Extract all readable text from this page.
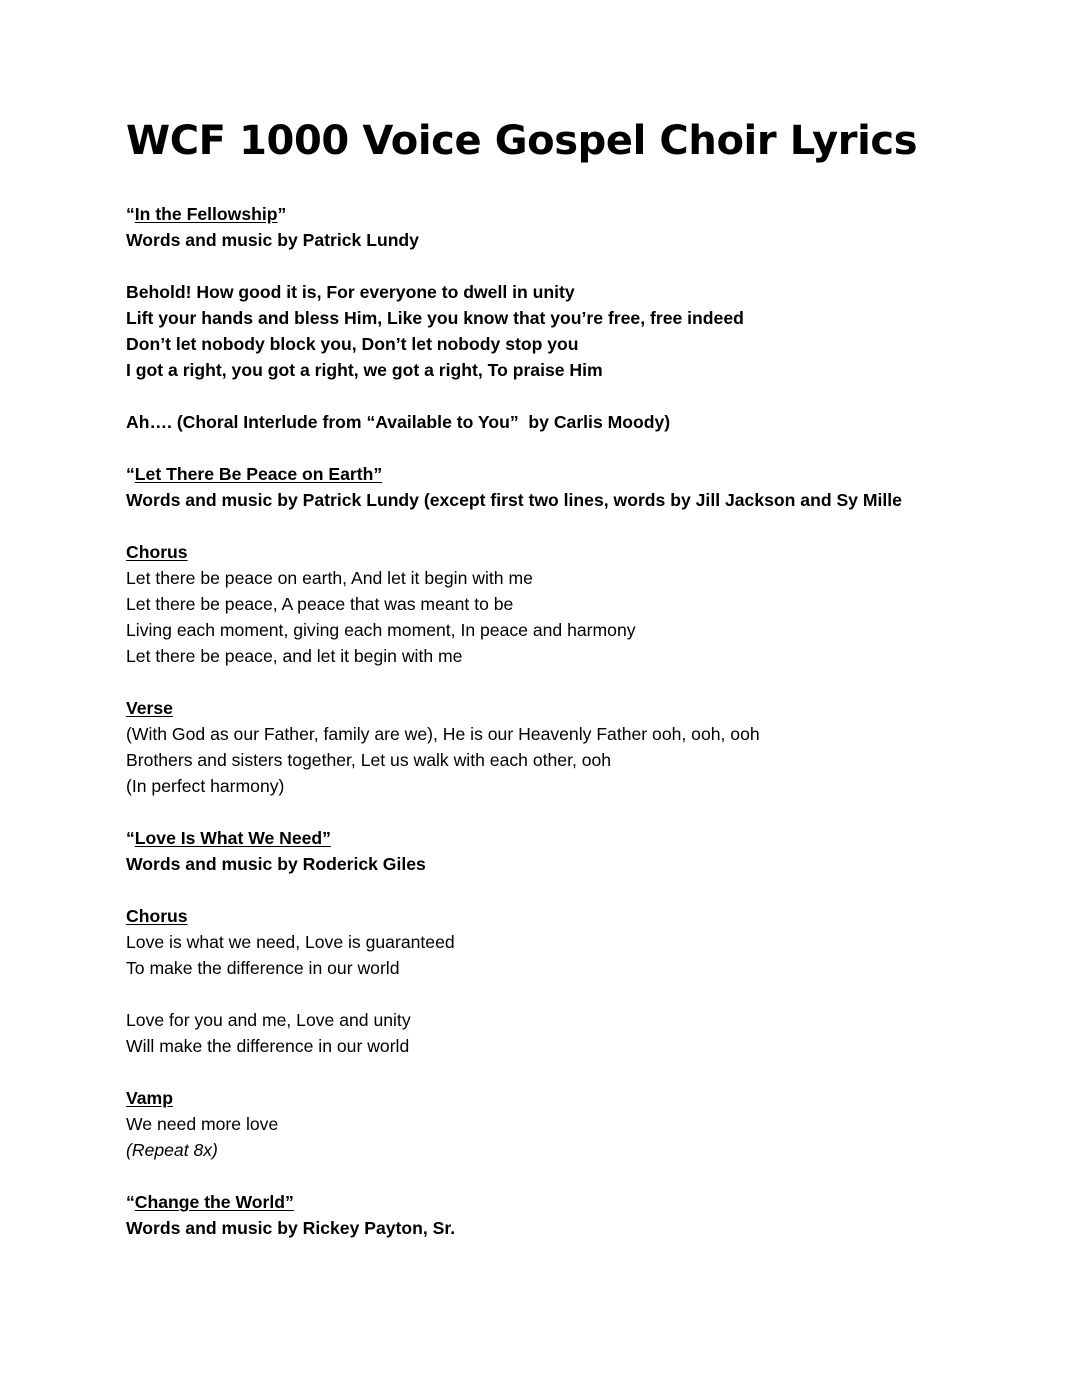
WCF 1000 Voice Gospel Choir Lyrics
“In the Fellowship”
Words and music by Patrick Lundy
Behold! How good it is, For everyone to dwell in unity
Lift your hands and bless Him, Like you know that you’re free, free indeed
Don’t let nobody block you, Don’t let nobody stop you
I got a right, you got a right, we got a right, To praise Him
Ah…. (Choral Interlude from “Available to You”  by Carlis Moody)
“Let There Be Peace on Earth”
Words and music by Patrick Lundy (except first two lines, words by Jill Jackson and Sy Mille
Chorus
Let there be peace on earth, And let it begin with me
Let there be peace, A peace that was meant to be
Living each moment, giving each moment, In peace and harmony
Let there be peace, and let it begin with me
Verse
(With God as our Father, family are we), He is our Heavenly Father ooh, ooh, ooh
Brothers and sisters together, Let us walk with each other, ooh
(In perfect harmony)
“Love Is What We Need”
Words and music by Roderick Giles
Chorus
Love is what we need, Love is guaranteed
To make the difference in our world
Love for you and me, Love and unity
Will make the difference in our world
Vamp
We need more love
(Repeat 8x)
“Change the World”
Words and music by Rickey Payton, Sr.
